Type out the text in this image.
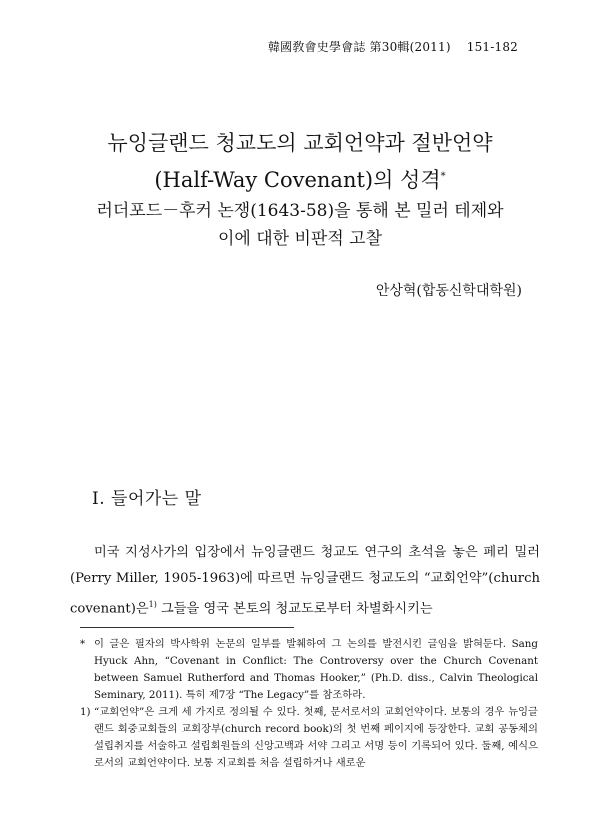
韓國敎會史學會誌 第30輯(2011) 151-182
뉴잉글랜드 청교도의 교회언약과 절반언약
(Half-Way Covenant)의 성격*
러더포드－후커 논쟁(1643-58)을 통해 본 밀러 테제와
이에 대한 비판적 고찰
안상혁(합동신학대학원)
Ⅰ. 들어가는 말

미국 지성사가의 입장에서 뉴잉글랜드 청교도 연구의 초석을 놓은 페리 밀러(Perry Miller, 1905-1963)에 따르면 뉴잉글랜드 청교도의 “교회언약”(church covenant)은$^{1)}$ 그들을 영국 본토의 청교도로부터 차별화시키는

* 이 글은 필자의 박사학위 논문의 일부를 발췌하여 그 논의를 발전시킨 글임을 밝혀둔다. Sang Hyuck Ahn, “Covenant in Conflict: The Controversy over the Church Covenant between Samuel Rutherford and Thomas Hooker,” (Ph.D. diss., Calvin Theological Seminary, 2011). 특히 제7장 “The Legacy”를 참조하라.

1) “교회언약”은 크게 세 가지로 정의될 수 있다. 첫째, 문서로서의 교회언약이다. 보통의 경우 뉴잉글랜드 회중교회들의 교회장부(church record book)의 첫 번째 페이지에 등장한다. 교회 공동체의 설립취지를 서술하고 설립회원들의 신앙고백과 서약 그리고 서명 등이 기록되어 있다. 둘째, 예식으로서의 교회언약이다. 보통 지교회를 처음 설립하거나 새로운
